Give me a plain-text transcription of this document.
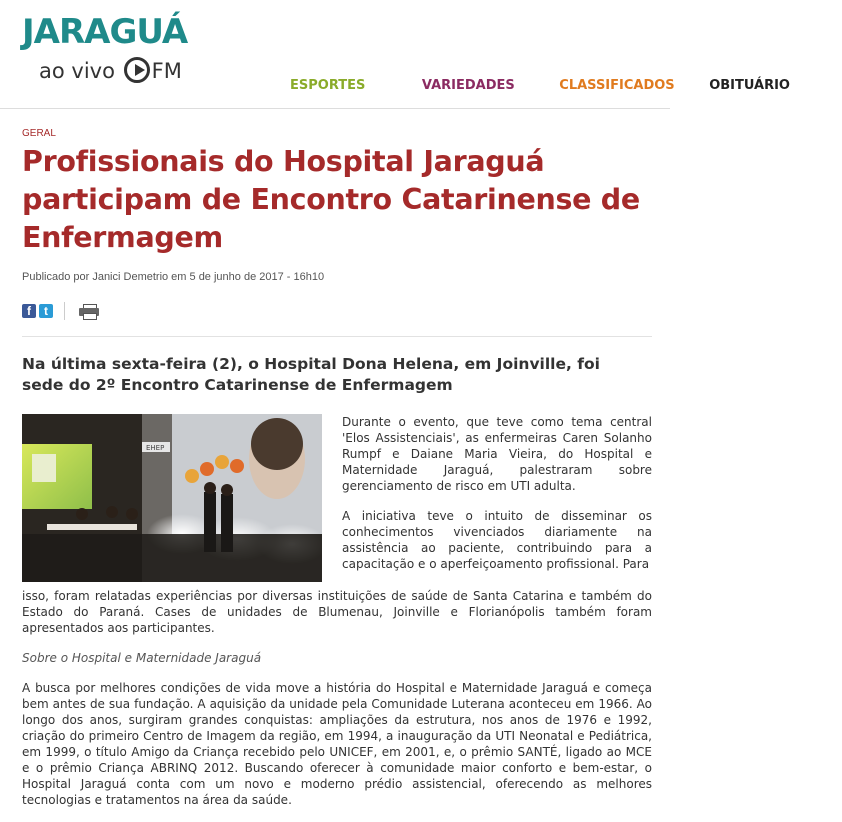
JARAGUÁ
ao vivo FM
ESPORTES	VARIEDADES	CLASSIFICADOS	OBITUÁRIO
GERAL
Profissionais do Hospital Jaraguá participam de Encontro Catarinense de Enfermagem
Publicado por Janici Demetrio em 5 de junho de 2017 - 16h10
f	t
Na última sexta-feira (2), o Hospital Dona Helena, em Joinville, foi sede do 2º Encontro Catarinense de Enfermagem
EHEP

Durante o evento, que teve como tema central 'Elos Assistenciais', as enfermeiras Caren Solanho Rumpf e Daiane Maria Vieira, do Hospital e Maternidade Jaraguá, palestraram sobre gerenciamento de risco em UTI adulta.

A iniciativa teve o intuito de disseminar os conhecimentos vivenciados diariamente na assistência ao paciente, contribuindo para a capacitação e o aperfeiçoamento profissional. Para

isso, foram relatadas experiências por diversas instituições de saúde de Santa Catarina e também do Estado do Paraná. Cases de unidades de Blumenau, Joinville e Florianópolis também foram apresentados aos participantes.

Sobre o Hospital e Maternidade Jaraguá

A busca por melhores condições de vida move a história do Hospital e Maternidade Jaraguá e começa bem antes de sua fundação. A aquisição da unidade pela Comunidade Luterana aconteceu em 1966. Ao longo dos anos, surgiram grandes conquistas: ampliações da estrutura, nos anos de 1976 e 1992, criação do primeiro Centro de Imagem da região, em 1994, a inauguração da UTI Neonatal e Pediátrica, em 1999, o título Amigo da Criança recebido pelo UNICEF, em 2001, e, o prêmio SANTÉ, ligado ao MCE e o prêmio Criança ABRINQ 2012. Buscando oferecer à comunidade maior conforto e bem-estar, o Hospital Jaraguá conta com um novo e moderno prédio assistencial, oferecendo as melhores tecnologias e tratamentos na área da saúde.
